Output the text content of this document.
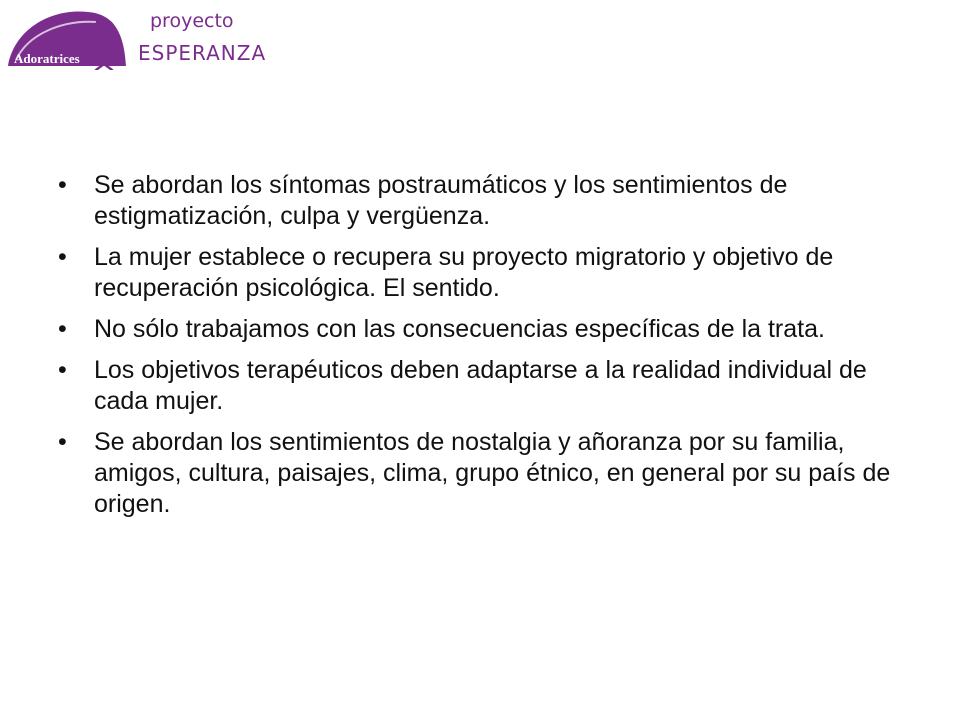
Adoratrices
proyecto
ESPERANZA
• Se abordan los síntomas postraumáticos y los sentimientos de estigmatización, culpa y vergüenza.
• La mujer establece o recupera su proyecto migratorio y objetivo de recuperación psicológica. El sentido.
• No sólo trabajamos con las consecuencias específicas de la trata.
• Los objetivos terapéuticos deben adaptarse a la realidad individual de cada mujer.
• Se abordan los sentimientos de nostalgia y añoranza por su familia, amigos, cultura, paisajes, clima, grupo étnico, en general por su país de origen.
